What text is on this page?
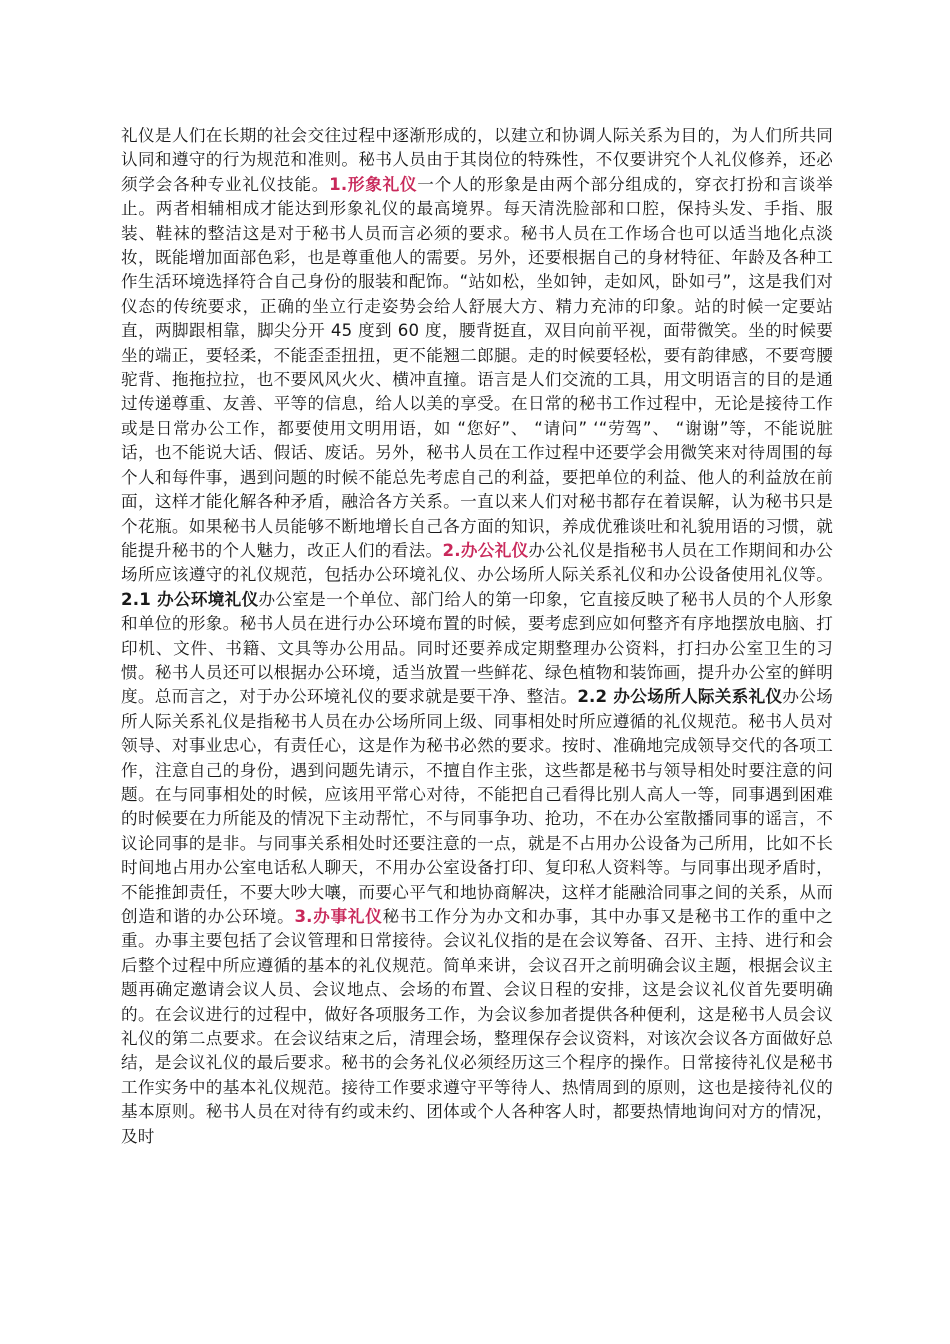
礼仪是人们在长期的社会交往过程中逐渐形成的，以建立和协调人际关系为目的，为人们所共同认同和遵守的行为规范和准则。秘书人员由于其岗位的特殊性，不仅要讲究个人礼仪修养，还必须学会各种专业礼仪技能。1.形象礼仪一个人的形象是由两个部分组成的，穿衣打扮和言谈举止。两者相辅相成才能达到形象礼仪的最高境界。每天清洗脸部和口腔，保持头发、手指、服装、鞋袜的整洁这是对于秘书人员而言必须的要求。秘书人员在工作场合也可以适当地化点淡妆，既能增加面部色彩，也是尊重他人的需要。另外，还要根据自己的身材特征、年龄及各种工作生活环境选择符合自己身份的服装和配饰。“站如松，坐如钟，走如风，卧如弓”，这是我们对仪态的传统要求，正确的坐立行走姿势会给人舒展大方、精力充沛的印象。站的时候一定要站直，两脚跟相靠，脚尖分开 45 度到 60 度，腰背挺直，双目向前平视，面带微笑。坐的时候要坐的端正，要轻柔，不能歪歪扭扭，更不能翘二郎腿。走的时候要轻松，要有韵律感，不要弯腰驼背、拖拖拉拉，也不要风风火火、横冲直撞。语言是人们交流的工具，用文明语言的目的是通过传递尊重、友善、平等的信息，给人以美的享受。在日常的秘书工作过程中，无论是接待工作或是日常办公工作，都要使用文明用语，如 “您好”、 “请问” ‘“劳驾”、 “谢谢”等，不能说脏话，也不能说大话、假话、废话。另外，秘书人员在工作过程中还要学会用微笑来对待周围的每个人和每件事，遇到问题的时候不能总先考虑自己的利益，要把单位的利益、他人的利益放在前面，这样才能化解各种矛盾，融洽各方关系。一直以来人们对秘书都存在着误解，认为秘书只是个花瓶。如果秘书人员能够不断地增长自己各方面的知识，养成优雅谈吐和礼貌用语的习惯，就能提升秘书的个人魅力，改正人们的看法。2.办公礼仪办公礼仪是指秘书人员在工作期间和办公场所应该遵守的礼仪规范，包括办公环境礼仪、办公场所人际关系礼仪和办公设备使用礼仪等。2.1 办公环境礼仪办公室是一个单位、部门给人的第一印象，它直接反映了秘书人员的个人形象和单位的形象。秘书人员在进行办公环境布置的时候，要考虑到应如何整齐有序地摆放电脑、打印机、文件、书籍、文具等办公用品。同时还要养成定期整理办公资料，打扫办公室卫生的习惯。秘书人员还可以根据办公环境，适当放置一些鲜花、绿色植物和装饰画，提升办公室的鲜明度。总而言之，对于办公环境礼仪的要求就是要干净、整洁。2.2 办公场所人际关系礼仪办公场所人际关系礼仪是指秘书人员在办公场所同上级、同事相处时所应遵循的礼仪规范。秘书人员对领导、对事业忠心，有责任心，这是作为秘书必然的要求。按时、准确地完成领导交代的各项工作，注意自己的身份，遇到问题先请示，不擅自作主张，这些都是秘书与领导相处时要注意的问题。在与同事相处的时候，应该用平常心对待，不能把自己看得比别人高人一等，同事遇到困难的时候要在力所能及的情况下主动帮忙，不与同事争功、抢功，不在办公室散播同事的谣言，不议论同事的是非。与同事关系相处时还要注意的一点，就是不占用办公设备为己所用，比如不长时间地占用办公室电话私人聊天，不用办公室设备打印、复印私人资料等。与同事出现矛盾时，不能推卸责任，不要大吵大嚷，而要心平气和地协商解决，这样才能融洽同事之间的关系，从而创造和谐的办公环境。3.办事礼仪秘书工作分为办文和办事，其中办事又是秘书工作的重中之重。办事主要包括了会议管理和日常接待。会议礼仪指的是在会议筹备、召开、主持、进行和会后整个过程中所应遵循的基本的礼仪规范。简单来讲，会议召开之前明确会议主题，根据会议主题再确定邀请会议人员、会议地点、会场的布置、会议日程的安排，这是会议礼仪首先要明确的。在会议进行的过程中，做好各项服务工作，为会议参加者提供各种便利，这是秘书人员会议礼仪的第二点要求。在会议结束之后，清理会场，整理保存会议资料，对该次会议各方面做好总结，是会议礼仪的最后要求。秘书的会务礼仪必须经历这三个程序的操作。日常接待礼仪是秘书工作实务中的基本礼仪规范。接待工作要求遵守平等待人、热情周到的原则，这也是接待礼仪的基本原则。秘书人员在对待有约或未约、团体或个人各种客人时，都要热情地询问对方的情况，及时
